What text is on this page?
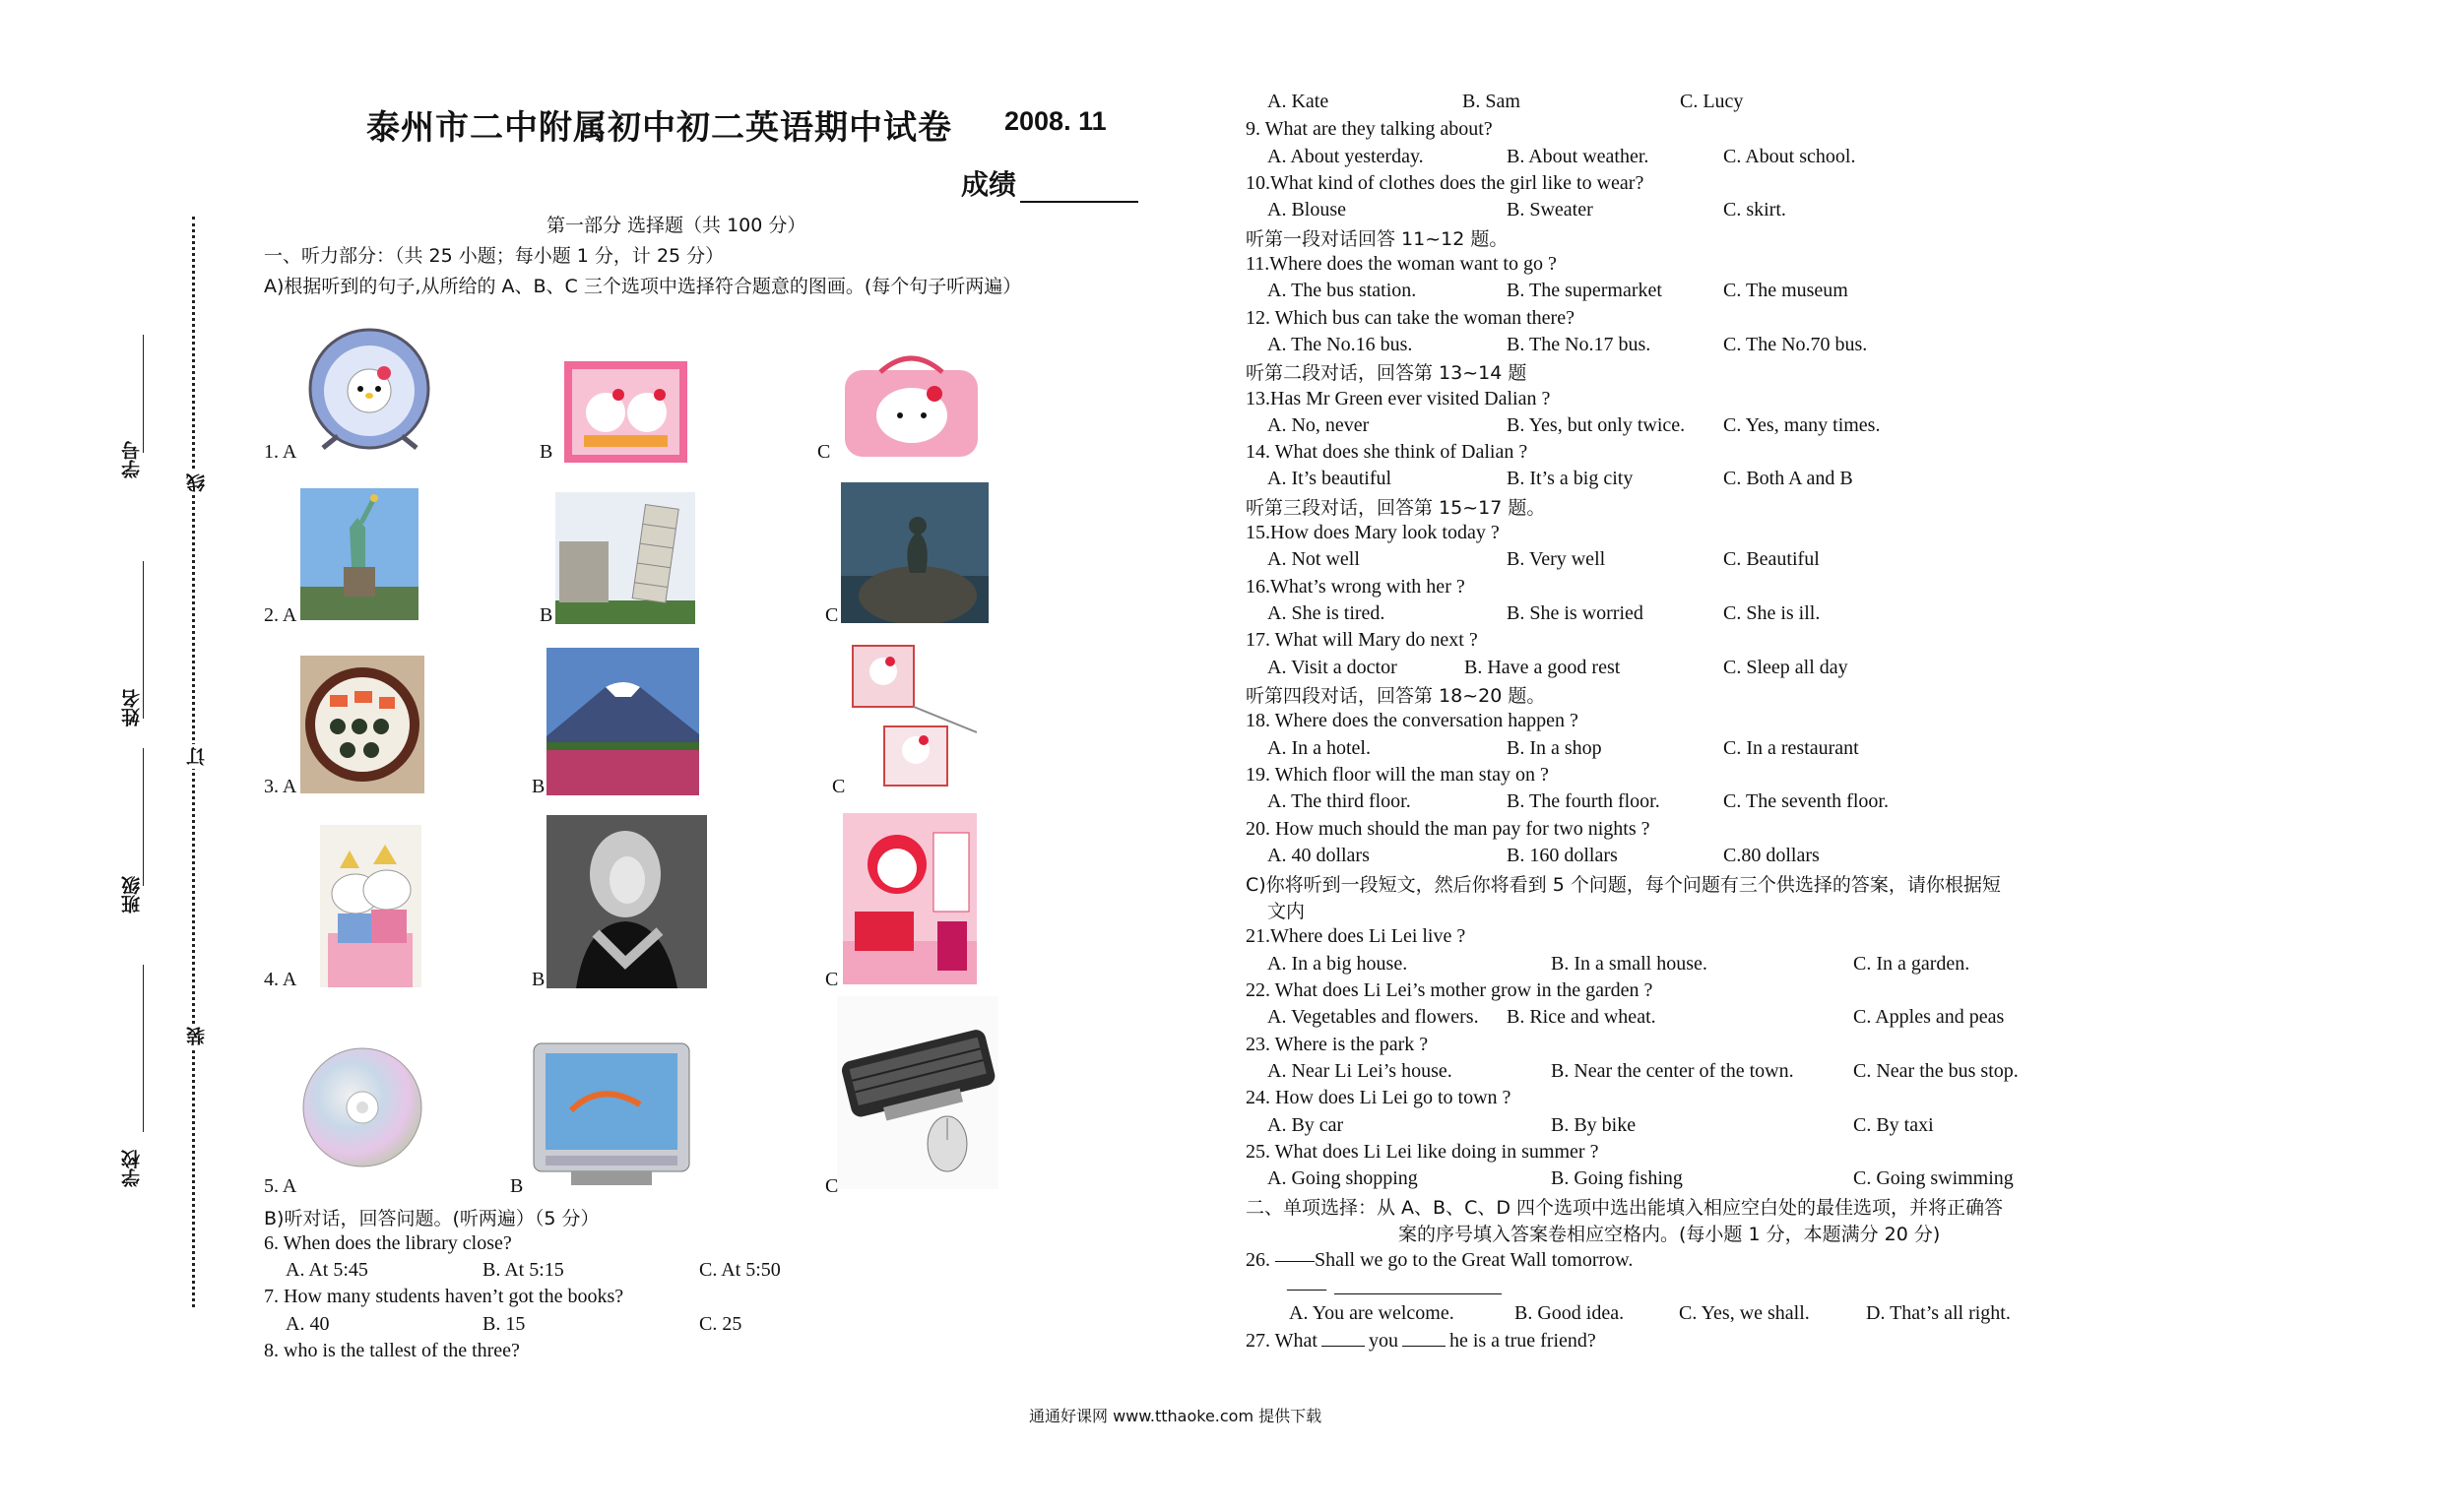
泰州市二中附属初中初二英语期中试卷 2008. 11
成绩
学号
姓名
班级
学校
线
订
装
第一部分 选择题（共 100 分）
一、听力部分：（共 25 小题；每小题 1 分，计 25 分）
A)根据听到的句子,从所给的 A、B、C 三个选项中选择符合题意的图画。(每个句子听两遍）
1. A	B	C
2. A	B	C
3. A	B	C
4. A	B	C
5. A	B	C
B)听对话，回答问题。(听两遍）（5 分）
6. When does the library close?
A. At 5:45	B. At 5:15	C. At 5:50
7. How many students haven’t got the books?
A. 40	B. 15	C. 25
8. who is the tallest of the three?
A. Kate	B. Sam	C. Lucy
9. What are they talking about?
A. About yesterday.	B. About weather.	C. About school.
10.What kind of clothes does the girl like to wear?
A. Blouse	B. Sweater	C. skirt.
听第一段对话回答 11~12 题。
11.Where does the woman want to go ?
A. The bus station.	B. The supermarket	C. The museum
12. Which bus can take the woman there?
A. The No.16 bus.	B. The No.17 bus.	C. The No.70 bus.
听第二段对话，回答第 13~14 题
13.Has Mr Green ever visited Dalian ?
A. No, never	B. Yes, but only twice. C. Yes, many times.
14. What does she think of Dalian ?
A. It’s beautiful	B. It’s a big city	C. Both A and B
听第三段对话，回答第 15~17 题。
15.How does Mary look today ?
A. Not well	B. Very well	C. Beautiful
16.What’s wrong with her ?
A. She is tired.	B. She is worried	C. She is ill.
17. What will Mary do next ?
A. Visit a doctor	B. Have a good rest	C. Sleep all day
听第四段对话，回答第 18~20 题。
18. Where does the conversation happen ?
A. In a hotel.	B. In a shop	C. In a restaurant
19. Which floor will the man stay on ?
A. The third floor.	B. The fourth floor.	C. The seventh floor.
20. How much should the man pay for two nights ?
A. 40 dollars	B. 160 dollars	C.80 dollars
C)你将听到一段短文，然后你将看到 5 个问题，每个问题有三个供选择的答案，请你根据短
文内
21.Where does Li Lei live ?
A. In a big house.	B. In a small house.	C. In a garden.
22. What does Li Lei’s mother grow in the garden ?
A. Vegetables and flowers. B. Rice and wheat.	C. Apples and peas
23. Where is the park ?
A. Near Li Lei’s house.	B. Near the center of the town.	C. Near the bus stop.
24. How does Li Lei go to town ?
A. By car	B. By bike	C. By taxi
25. What does Li Lei like doing in summer ?
A. Going shopping	B. Going fishing	C. Going swimming
二、单项选择：从 A、B、C、D 四个选项中选出能填入相应空白处的最佳选项，并将正确答
案的序号填入答案卷相应空格内。(每小题 1 分，本题满分 20 分)
26. ——Shall we go to the Great Wall tomorrow.
——
A. You are welcome.	B. Good idea.	C. Yes, we shall.	D. That’s all right.
27. What	you	he is a true friend?
通通好课网 www.tthaoke.com 提供下载
